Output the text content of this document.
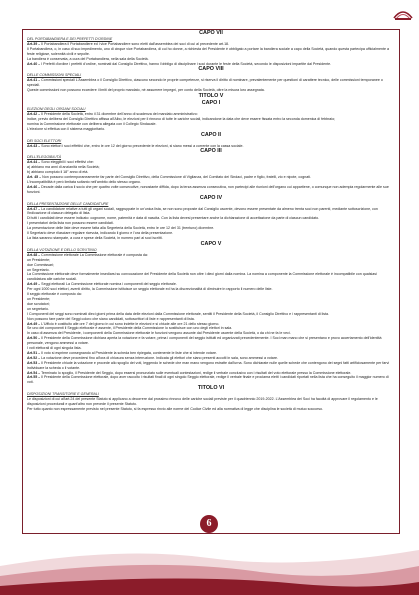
CAPO VII

DEL PORTABANDIERA E DEI PREFETTI D'ORDINE

Art.39 – Il Portabandiera il Portabandiere ed i vice Portabandiere sono eletti dall'assemblea dei soci di cui al precedente art.18.

Il Portabandiera, o, in caso di suo impedimento, uno di cinque vice Portabandiera, di cui ho donne, a richiesta del Presidente è obbligato a portare la bandiera sociale a capo della Società, quando questa partecipa ufficialmente a feste religiose, solennità civili e sepolte.

La bandiera è conservata, a cura del Portabandiera, nella sala della Società.

Art.40 – I Prefetti d'ordine i prefetti d'ordine, nominati dal Consiglio Direttivo, hanno l'obbligo di disciplinare i soci durante le feste della Società, secondo le disposizioni impartite dal Presidente.

CAPO VIII

DELLE COMMISSIONI SPECIALI

Art.41 – Commissioni speciali L'Assemblea o il Consiglio Direttivo, ciascuno secondo le proprie competenze, si riserva il diritto di nominare, prevalentemente per questioni di carattere tecnico, delle commissioni temporanee o speciali.

Queste commissioni non possono eccedere i limiti del proprio mandato, né assumere impegni, per conto della Società, oltre la misura loro assegnata.

TITOLO V
CAPO I

ELEZIONI DEGLI ORGANI SOCIALI

Art.42 – Il Presidente della Società, entro il 31 dicembre dell'anno di scadenza del mandato amministrativo:

indice, previo delibera del Consiglio Direttivo affissa all'Albo, le elezioni per il rinnovo di tutte le cariche sociali, indicandone la data che deve essere fissata entro la seconda domenica di febbraio;

nomina la Commissione elettorale con delibera allegata con il Collegio Sindacale.

L'elezione si effettua con il sistema maggioritario.

CAPO II

DEI SOCI ELETTORI

Art.43 – Sono elettori i soci effettivi che, entro le ore 12 del giorno precedente le elezioni, si siano messi a corrente con la cassa sociale.

CAPO III

DELL'ELEGGIBILITÀ

Art.44 – Sono eleggibili i soci effettivi che:

a) abbiano ma anni di anzianità nella Società;

b) abbiano compiuto il 18° anno di età.

Art. 45 – Non possono contemporaneamente far parte del Consiglio Direttivo, della Commissione di Vigilanza, del Comitato dei Sindaci, padre e figlio, fratelli, zio e nipote, cognati.

L'incompatibilità è però limitata soltanto nell'ambito dello stesso organo.

Art.46 – Decade dalla carica il socio che per quattro volte consecutive, nonostante diffida, dopo la terza assenza consecutiva, non partecipi alle riunioni dell'organo cui appartiene, o comunque non adempia regolarmente alle sue funzioni.

CAPO IV

DELLA PRESENTAZIONE DELLE CANDIDATURE

Art.47 – La candidature relative a tutti gli organi sociali, raggruppate in un'unica lista, se non sono proposte dal Consiglio uscente, devono essere presentate da almeno trenta soci non parenti, mediante sottoscrizione, con l'indicazione di ciascun delegato di lista.

Di tutti i candidati deve essere indicato: cognome, nome, paternità e data di nascita. Con la lista devesi presentare anche la dichiarazione di accettazione da parte di ciascun candidato.

I presentatori della lista non possono essere candidati.

La presentazione delle liste deve essere fatta alla Segreteria della Società, entro le ore 12 del 31 (trentuno) dicembre.

Il Segretario deve rilasciare regolare ricevuta, indicando il giorno e l'ora della presentazione.

La lista saranno stampate, a cura e spese della Società, in numero pari ai soci iscritti.

CAPO V

DELLA VOTAZIONE E DELLO SCRUTINIO

Art.48 – Commissione elettorale La Commissione elettorale è composta da:

un Presidente;

due Commissari;

un Segretario.

La Commissione elettorale deve formalmente insediarsi su convocazione del Presidente della Società non oltre i dieci giorni dalla nomina. La nomina a componente la Commissione elettorale è incompatibile con qualsiasi candidatura alle cariche sociali.

Art.49 – Seggi elettorali La Commissione elettorale nomina i componenti del seggio elettorale.

Per ogni 1000 soci elettori, aventi diritto, la Commissione istituisce un seggio elettorale ed ha la discrezionalità di diminuire in rapporto il numero delle liste.

Il seggio elettorale è composto da:

un Presidente;

due scrutatori;

un segretario.

I Componenti del seggi sono nominati dieci giorni prima della data delle elezioni dalla Commissione elettorale, sentiti il Presidente della Società, il Consiglio Direttivo e i rappresentanti di lista.

Non possono fare parte del Seggi coloro che siano candidati, sottoscrittori di liste e rappresentanti di lista.

Art.49 – L'Ufficio è costituito alle ore 7 del giorno in cui sono indette le elezioni e si chiude alle ore 21 dello stesso giorno.

Se uno dei componenti il Seggio elettorale è assente, il Presidente della Commissione lo sostituisce con uno degli elettori in sala.

In caso di assenza del Presidente, i componenti della Commissione elettorale le funzioni vengono assunte dal Presidente uscente della Società, o da chi ne fa le veci.

Art.50 – Il Presidente della Commissione dichiara aperta la votazione e fa votare, prima i componenti del seggio istituiti ed organizzati precedentemente. I Soci man mano che si presentano e provo accertamento dell'identità personale, vengono ammessi a votare.

I voti elettorali di ogni singola lista.

Art.51 – Il voto si esprime consegnando al Presidente la scheda ben ripiegata, contenente le liste che si intende votare.

Art.52 – La votazione deve procedersi fino all'ora di chiusura senza interruzione. Indicata gli elettori che siano presenti accolti in sala, sono ammessi a votare.

Art.53 – Il Presidente chiude la votazione e procede allo spoglio dei voti, leggendo le schede che man mano vengono estratte dall'urna. Sono dichiarate nulle quelle schede che contengono dei segni fatti artificiosamente per farvi individuare la scheda o il votante.

Art.54 – Terminato lo spoglio, il Presidente del Seggio, dopo essersi pronunziato sulle eventuali contestazioni, redige il verbale conclusivo con i risultati del voto elettorale presso la Commissione elettorale.

Art.55 – Il Presidente della Commissione elettorale, dopo aver raccolto i risultati finali di ogni singolo Seggio elettorale, redige il verbale finale e proclama eletti i candidati riportati nella lista che ha conseguito il maggior numero di voti.

TITOLO VI

DISPOSIZIONI TRANSITORIE E GENERALI

Le disposizioni di cui all'art.24 del presente Statuto si applicano a decorrere dal prossimo rinnovo delle cariche sociali previste per il quadriennio 2019-2022. L'Assemblea dei Soci ha facoltà di approvare il regolamento e le disposizioni procedurali e quant'altro non prevede il presente Statuto.

Per tutto quanto non espressamente previsto nel presente Statuto, si fa espresso rinvio alle norme del Codice Civile ed alla normativa di legge che disciplina le società di mutuo soccorso.

6
